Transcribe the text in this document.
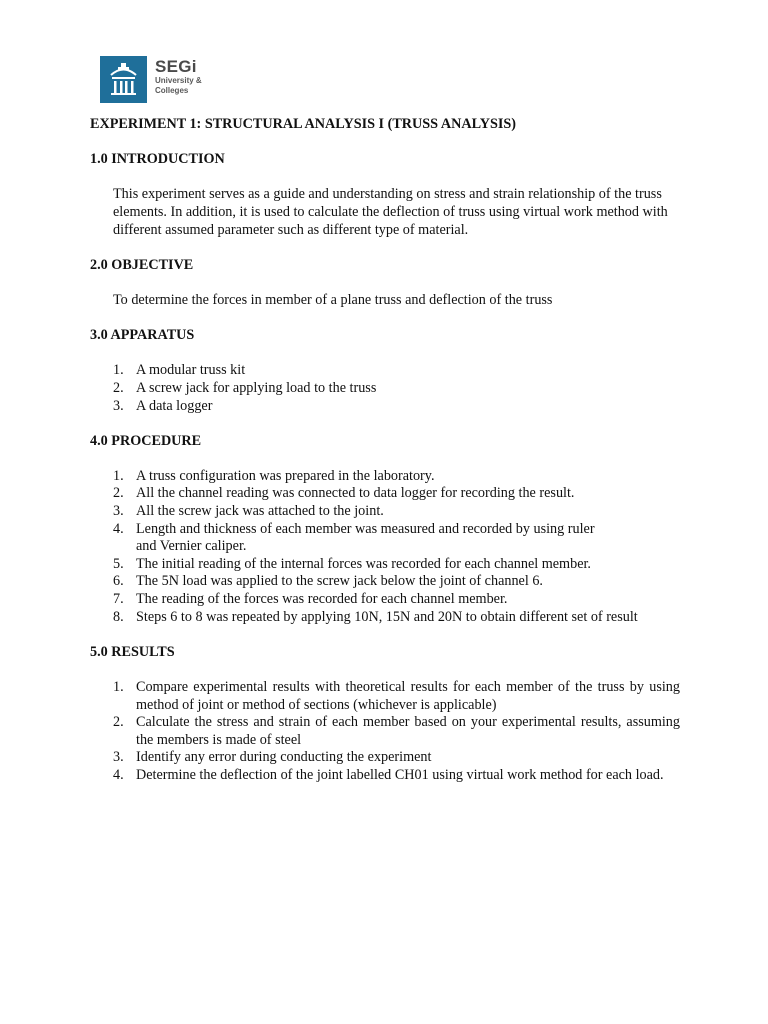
SEGi
University &
Colleges
EXPERIMENT 1: STRUCTURAL ANALYSIS I (TRUSS ANALYSIS)
1.0 INTRODUCTION

This experiment serves as a guide and understanding on stress and strain relationship of the truss elements. In addition, it is used to calculate the deflection of truss using virtual work method with different assumed parameter such as different type of material.

2.0 OBJECTIVE

To determine the forces in member of a plane truss and deflection of the truss

3.0 APPARATUS
1. A modular truss kit
2. A screw jack for applying load to the truss
3. A data logger
4.0 PROCEDURE
1. A truss configuration was prepared in the laboratory.
2. All the channel reading was connected to data logger for recording the result.
3. All the screw jack was attached to the joint.
4. Length and thickness of each member was measured and recorded by using ruler and Vernier caliper.
5. The initial reading of the internal forces was recorded for each channel member.
6. The 5N load was applied to the screw jack below the joint of channel 6.
7. The reading of the forces was recorded for each channel member.
8. Steps 6 to 8 was repeated by applying 10N, 15N and 20N to obtain different set of result
5.0 RESULTS
1. Compare experimental results with theoretical results for each member of the truss by using method of joint or method of sections (whichever is applicable)
2. Calculate the stress and strain of each member based on your experimental results, assuming the members is made of steel
3. Identify any error during conducting the experiment
4. Determine the deflection of the joint labelled CH01 using virtual work method for each load.
